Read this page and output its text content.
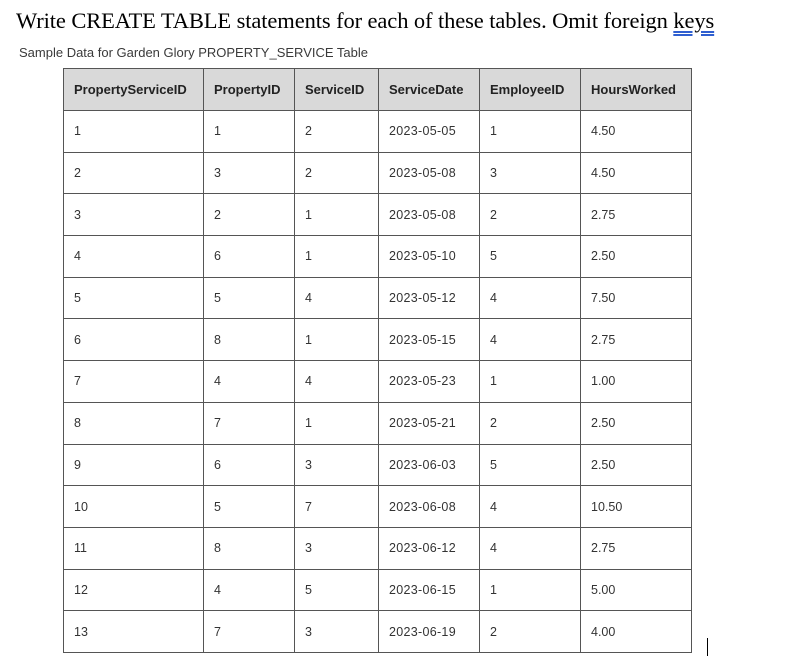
Write CREATE TABLE statements for each of these tables. Omit foreign keys
Sample Data for Garden Glory PROPERTY_SERVICE Table
PropertyServiceID	PropertyID	ServiceID	ServiceDate	EmployeeID	HoursWorked
1	1	2	2023-05-05	1	4.50
2	3	2	2023-05-08	3	4.50
3	2	1	2023-05-08	2	2.75
4	6	1	2023-05-10	5	2.50
5	5	4	2023-05-12	4	7.50
6	8	1	2023-05-15	4	2.75
7	4	4	2023-05-23	1	1.00
8	7	1	2023-05-21	2	2.50
9	6	3	2023-06-03	5	2.50
10	5	7	2023-06-08	4	10.50
11	8	3	2023-06-12	4	2.75
12	4	5	2023-06-15	1	5.00
13	7	3	2023-06-19	2	4.00
